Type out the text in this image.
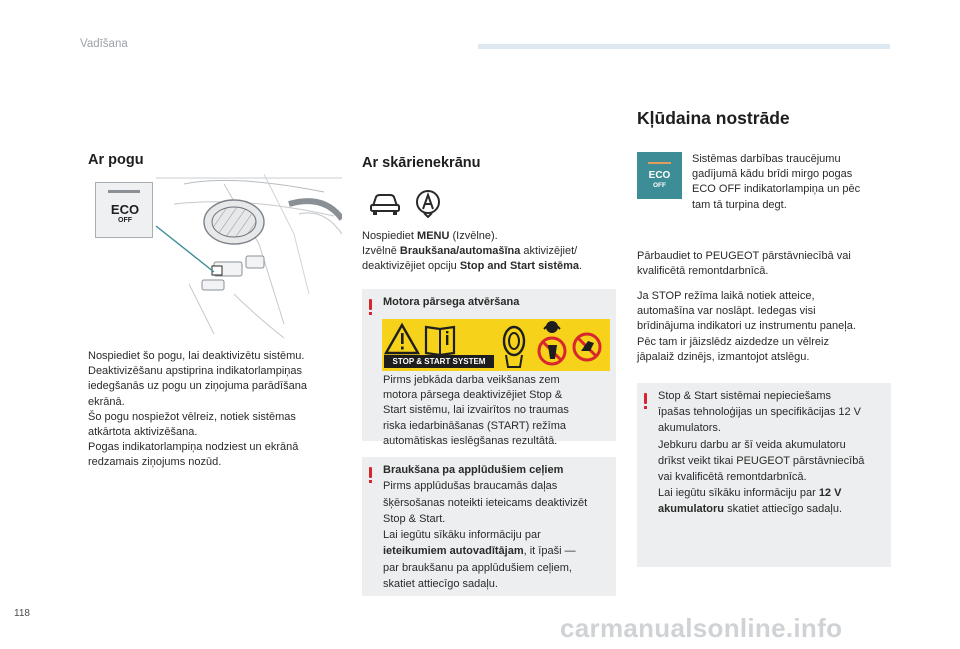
Vadīšana
Ar pogu
ECO
OFF
Nospiediet šo pogu, lai deaktivizētu sistēmu.
Deaktivizēšanu apstiprina indikatorlampiņas
iedegšanās uz pogu un ziņojuma parādīšana
ekrānā.
Šo pogu nospiežot vēlreiz, notiek sistēmas
atkārtota aktivizēšana.
Pogas indikatorlampiņa nodziest un ekrānā
redzamais ziņojums nozūd.
Ar skārienekrānu
Nospiediet MENU (Izvēlne).
Izvēlnē Braukšana/automašīna aktivizējiet/
deaktivizējiet opciju Stop and Start sistēma.
Motora pārsega atvēršana
STOP & START SYSTEM
Pirms jebkāda darba veikšanas zem
motora pārsega deaktivizējiet Stop &
Start sistēmu, lai izvairītos no traumas
riska iedarbināšanas (START) režīma
automātiskas ieslēgšanas rezultātā.
Braukšana pa applūdušiem ceļiem
Pirms applūdušas braucamās daļas
šķērsošanas noteikti ieteicams deaktivizēt
Stop & Start.
Lai iegūtu sīkāku informāciju par
ieteikumiem autovadītājam, it īpaši —
par braukšanu pa applūdušiem ceļiem,
skatiet attiecīgo sadaļu.
Kļūdaina nostrāde
ECO
OFF
Sistēmas darbības traucējumu
gadījumā kādu brīdi mirgo pogas
ECO OFF indikatorlampiņa un pēc
tam tā turpina degt.
Pārbaudiet to PEUGEOT pārstāvniecībā vai
kvalificētā remontdarbnīcā.
Ja STOP režīma laikā notiek atteice,
automašīna var noslāpt. Iedegas visi
brīdinājuma indikatori uz instrumentu paneļa.
Pēc tam ir jāizslēdz aizdedze un vēlreiz
jāpalaiž dzinējs, izmantojot atslēgu.
Stop & Start sistēmai nepieciešams
īpašas tehnoloģijas un specifikācijas 12 V
akumulators.
Jebkuru darbu ar šī veida akumulatoru
drīkst veikt tikai PEUGEOT pārstāvniecībā
vai kvalificētā remontdarbnīcā.
Lai iegūtu sīkāku informāciju par 12 V
akumulatoru skatiet attiecīgo sadaļu.
118	carmanualsonline.info
